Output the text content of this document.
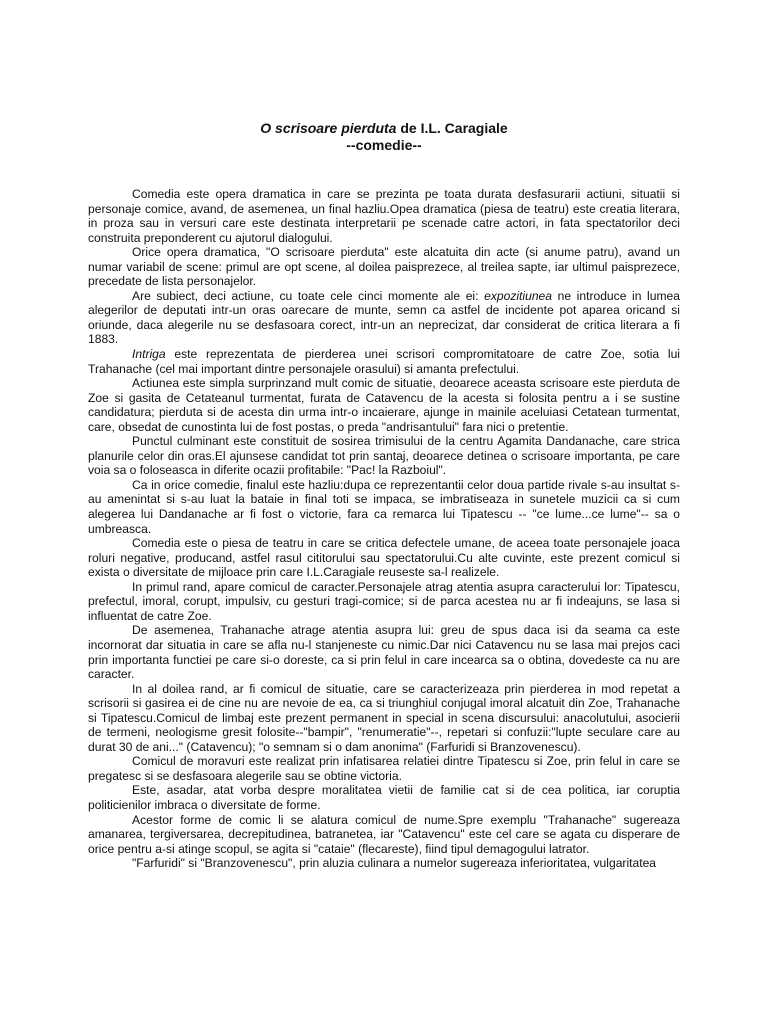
O scrisoare pierduta de I.L. Caragiale
--comedie--

Comedia este opera dramatica in care se prezinta pe toata durata desfasurarii actiuni, situatii si personaje comice, avand, de asemenea, un final hazliu.Opea dramatica (piesa de teatru) este creatia literara, in proza sau in versuri care este destinata interpretarii pe scenade catre actori, in fata spectatorilor deci construita preponderent cu ajutorul dialogului.

Orice opera dramatica, "O scrisoare pierduta" este alcatuita din acte (si anume patru), avand un numar variabil de scene: primul are opt scene, al doilea paisprezece, al treilea sapte, iar ultimul paisprezece, precedate de lista personajelor.

Are subiect, deci actiune, cu toate cele cinci momente ale ei: expozitiunea ne introduce in lumea alegerilor de deputati intr-un oras oarecare de munte, semn ca astfel de incidente pot aparea oricand si oriunde, daca alegerile nu se desfasoara corect, intr-un an neprecizat, dar considerat de critica literara a fi 1883.

Intriga este reprezentata de pierderea unei scrisori compromitatoare de catre Zoe, sotia lui Trahanache (cel mai important dintre personajele orasului) si amanta prefectului.

Actiunea este simpla surprinzand mult comic de situatie, deoarece aceasta scrisoare este pierduta de Zoe si gasita de Cetateanul turmentat, furata de Catavencu de la acesta si folosita pentru a i se sustine candidatura; pierduta si de acesta din urma intr-o incaierare, ajunge in mainile aceluiasi Cetatean turmentat, care, obsedat de cunostinta lui de fost postas, o preda "andrisantului" fara nici o pretentie.

Punctul culminant este constituit de sosirea trimisului de la centru Agamita Dandanache, care strica planurile celor din oras.El ajunsese candidat tot prin santaj, deoarece detinea o scrisoare importanta, pe care voia sa o foloseasca in diferite ocazii profitabile: "Pac! la Razboiul".

Ca in orice comedie, finalul este hazliu:dupa ce reprezentantii celor doua partide rivale s-au insultat s-au amenintat si s-au luat la bataie in final toti se impaca, se imbratiseaza in sunetele muzicii ca si cum alegerea lui Dandanache ar fi fost o victorie, fara ca remarca lui Tipatescu -- "ce lume...ce lume"-- sa o umbreasca.

Comedia este o piesa de teatru in care se critica defectele umane, de aceea toate personajele joaca roluri negative, producand, astfel rasul cititorului sau spectatorului.Cu alte cuvinte, este prezent comicul si exista o diversitate de mijloace prin care I.L.Caragiale reuseste sa-l realizele.

In primul rand, apare comicul de caracter.Personajele atrag atentia asupra caracterului lor: Tipatescu, prefectul, imoral, corupt, impulsiv, cu gesturi tragi-comice; si de parca acestea nu ar fi indeajuns, se lasa si influentat de catre Zoe.

De asemenea, Trahanache atrage atentia asupra lui: greu de spus daca isi da seama ca este incornorat dar situatia in care se afla nu-l stanjeneste cu nimic.Dar nici Catavencu nu se lasa mai prejos caci prin importanta functiei pe care si-o doreste, ca si prin felul in care incearca sa o obtina, dovedeste ca nu are caracter.

In al doilea rand, ar fi comicul de situatie, care se caracterizeaza prin pierderea in mod repetat a scrisorii si gasirea ei de cine nu are nevoie de ea, ca si triunghiul conjugal imoral alcatuit din Zoe, Trahanache si Tipatescu.Comicul de limbaj este prezent permanent in special in scena discursului: anacolutului, asocierii de termeni, neologisme gresit folosite--"bampir", "renumeratie"--, repetari si confuzii:"lupte seculare care au durat 30 de ani..." (Catavencu); "o semnam si o dam anonima" (Farfuridi si Branzovenescu).

Comicul de moravuri este realizat prin infatisarea relatiei dintre Tipatescu si Zoe, prin felul in care se pregatesc si se desfasoara alegerile sau se obtine victoria.

Este, asadar, atat vorba despre moralitatea vietii de familie cat si de cea politica, iar coruptia politicienilor imbraca o diversitate de forme.

Acestor forme de comic li se alatura comicul de nume.Spre exemplu "Trahanache" sugereaza amanarea, tergiversarea, decrepitudinea, batranetea, iar "Catavencu" este cel care se agata cu disperare de orice pentru a-si atinge scopul, se agita si "cataie" (flecareste), fiind tipul demagogului latrator.

"Farfuridi" si "Branzovenescu", prin aluzia culinara a numelor sugereaza inferioritatea, vulgaritatea
